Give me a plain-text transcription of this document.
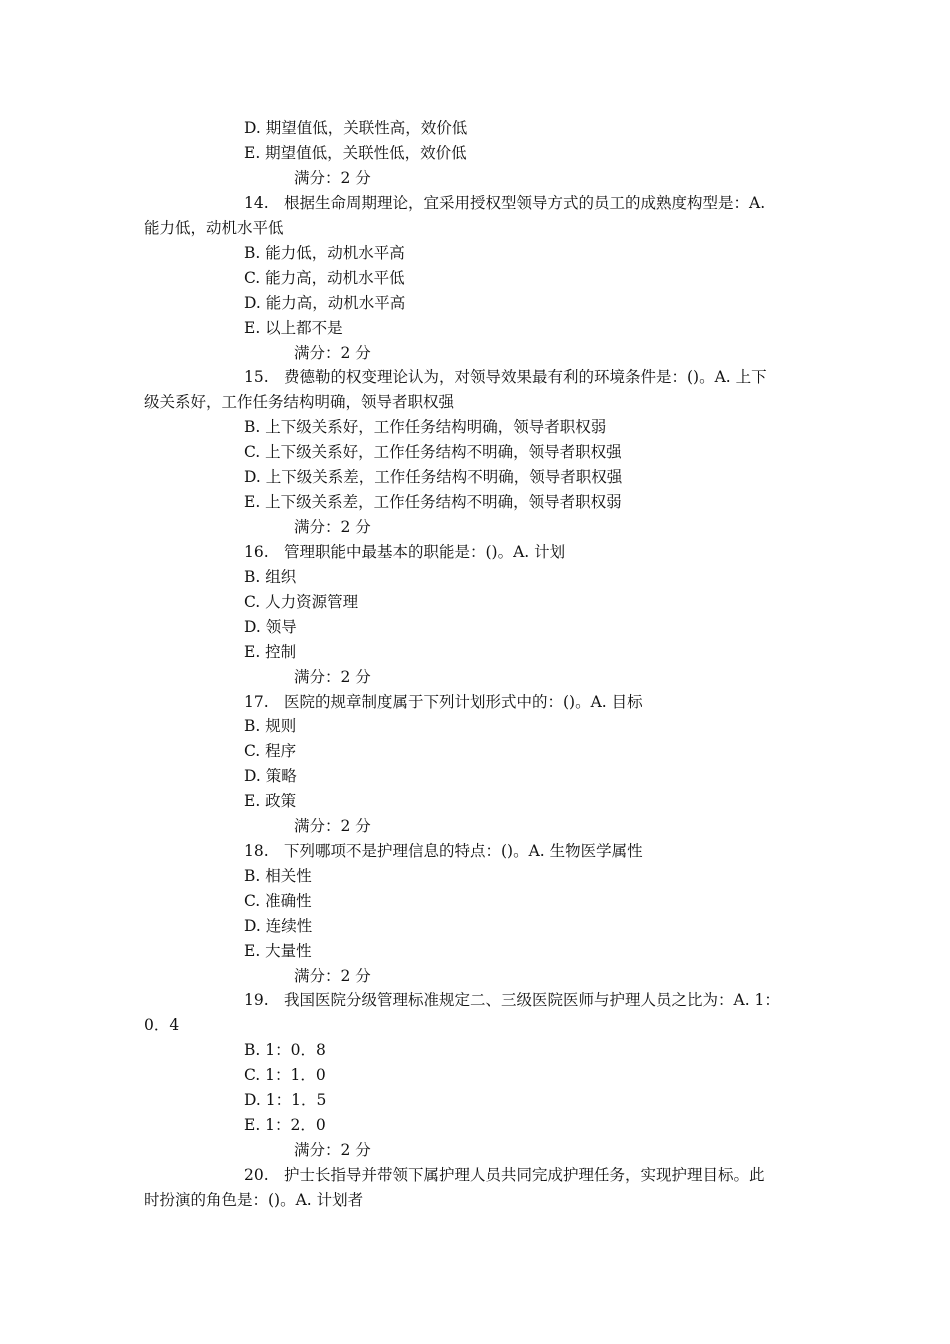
D. 期望值低，关联性高，效价低
E. 期望值低，关联性低，效价低
满分：2 分
14. 根据生命周期理论，宜采用授权型领导方式的员工的成熟度构型是：A.
能力低，动机水平低
B. 能力低，动机水平高
C. 能力高，动机水平低
D. 能力高，动机水平高
E. 以上都不是
满分：2 分
15. 费德勒的权变理论认为，对领导效果最有利的环境条件是：()。A. 上下
级关系好，工作任务结构明确，领导者职权强
B. 上下级关系好，工作任务结构明确，领导者职权弱
C. 上下级关系好，工作任务结构不明确，领导者职权强
D. 上下级关系差，工作任务结构不明确，领导者职权强
E. 上下级关系差，工作任务结构不明确，领导者职权弱
满分：2 分
16. 管理职能中最基本的职能是：()。A. 计划
B. 组织
C. 人力资源管理
D. 领导
E. 控制
满分：2 分
17. 医院的规章制度属于下列计划形式中的：()。A. 目标
B. 规则
C. 程序
D. 策略
E. 政策
满分：2 分
18. 下列哪项不是护理信息的特点：()。A. 生物医学属性
B. 相关性
C. 准确性
D. 连续性
E. 大量性
满分：2 分
19. 我国医院分级管理标准规定二、三级医院医师与护理人员之比为：A. 1：
0．4
B. 1：0．8
C. 1：1．0
D. 1：1．5
E. 1：2．0
满分：2 分
20. 护士长指导并带领下属护理人员共同完成护理任务，实现护理目标。此
时扮演的角色是：()。A. 计划者
